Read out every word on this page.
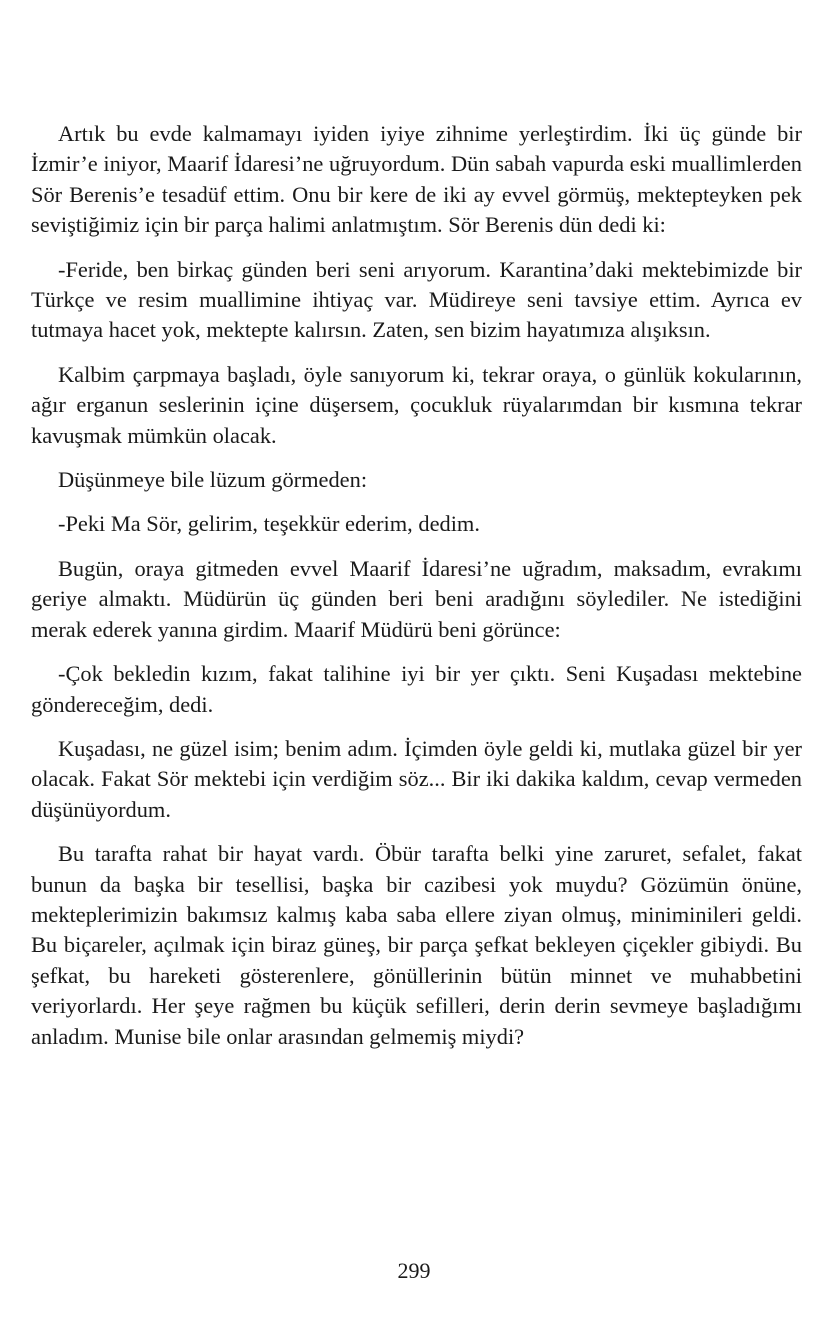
Artık bu evde kalmamayı iyiden iyiye zihnime yerleştirdim. İki üç günde bir İzmir’e iniyor, Maarif İdaresi’ne uğruyordum. Dün sabah vapurda eski muallimlerden Sör Berenis’e tesadüf ettim. Onu bir kere de iki ay evvel görmüş, mektepteyken pek seviştiğimiz için bir parça halimi anlatmıştım. Sör Berenis dün dedi ki:

-Feride, ben birkaç günden beri seni arıyorum. Karantina’daki mektebimizde bir Türkçe ve resim muallimine ihtiyaç var. Müdireye seni tavsiye ettim. Ayrıca ev tutmaya hacet yok, mektepte kalırsın. Zaten, sen bizim hayatımıza alışıksın.

Kalbim çarpmaya başladı, öyle sanıyorum ki, tekrar oraya, o günlük kokularının, ağır erganun seslerinin içine düşersem, çocukluk rüyalarımdan bir kısmına tekrar kavuşmak mümkün olacak.

Düşünmeye bile lüzum görmeden:

-Peki Ma Sör, gelirim, teşekkür ederim, dedim.

Bugün, oraya gitmeden evvel Maarif İdaresi’ne uğradım, maksadım, evrakımı geriye almaktı. Müdürün üç günden beri beni aradığını söylediler. Ne istediğini merak ederek yanına girdim. Maarif Müdürü beni görünce:

-Çok bekledin kızım, fakat talihine iyi bir yer çıktı. Seni Kuşadası mektebine göndereceğim, dedi.

Kuşadası, ne güzel isim; benim adım. İçimden öyle geldi ki, mutlaka güzel bir yer olacak. Fakat Sör mektebi için verdiğim söz... Bir iki dakika kaldım, cevap vermeden düşünüyordum.

Bu tarafta rahat bir hayat vardı. Öbür tarafta belki yine zaruret, sefalet, fakat bunun da başka bir tesellisi, başka bir cazibesi yok muydu? Gözümün önüne, mekteplerimizin bakımsız kalmış kaba saba ellere ziyan olmuş, miniminileri geldi. Bu biçareler, açılmak için biraz güneş, bir parça şefkat bekleyen çiçekler gibiydi. Bu şefkat, bu hareketi gösterenlere, gönüllerinin bütün minnet ve muhabbetini veriyorlardı. Her şeye rağmen bu küçük sefilleri, derin derin sevmeye başladığımı anladım. Munise bile onlar arasından gelmemiş miydi?

299
